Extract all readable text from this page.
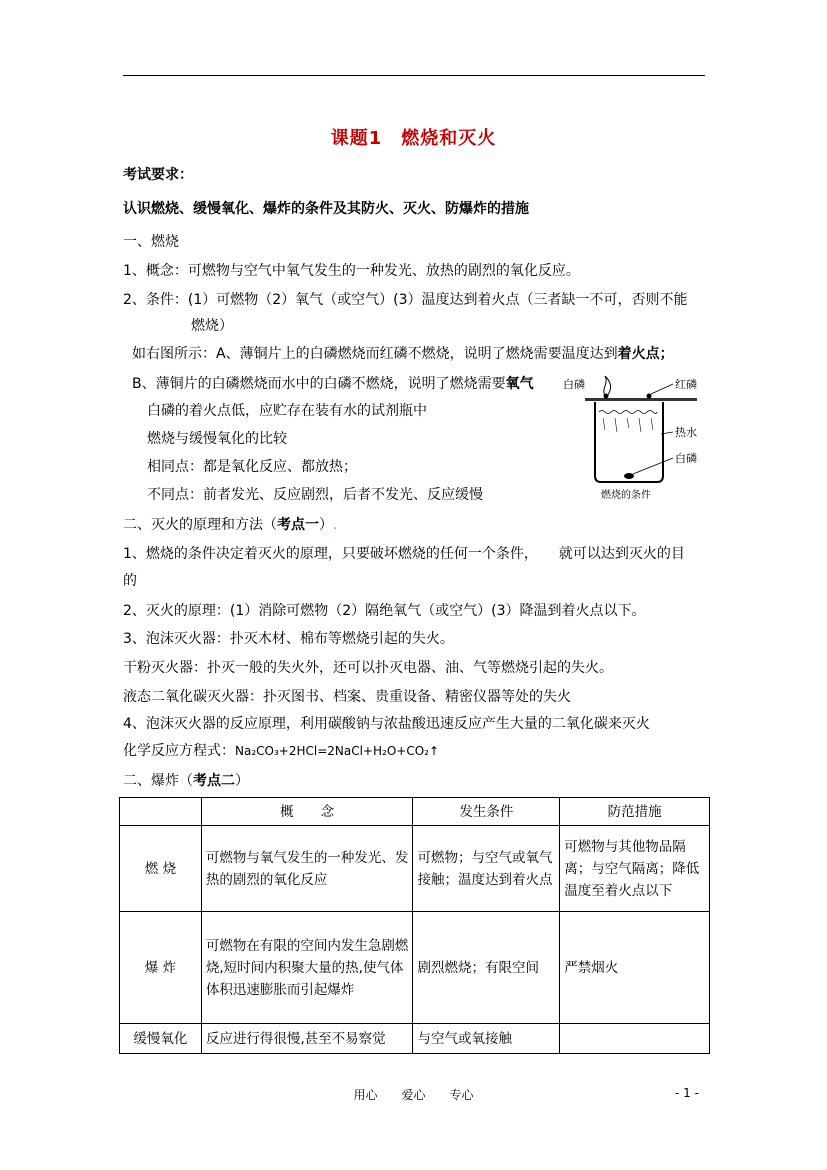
课题1　燃烧和灭火
考试要求：
认识燃烧、缓慢氧化、爆炸的条件及其防火、灭火、防爆炸的措施
一、燃烧
1、概念：可燃物与空气中氧气发生的一种发光、放热的剧烈的氧化反应。
2、条件：(1）可燃物（2）氧气（或空气）(3）温度达到着火点（三者缺一不可，否则不能
燃烧）
如右图所示：A、薄铜片上的白磷燃烧而红磷不燃烧，说明了燃烧需要温度达到着火点；
B、薄铜片的白磷燃烧而水中的白磷不燃烧，说明了燃烧需要氧气
白磷的着火点低，应贮存在装有水的试剂瓶中
燃烧与缓慢氧化的比较
相同点：都是氧化反应、都放热；
不同点：前者发光、反应剧烈，后者不发光、反应缓慢
白磷	红磷
热水
白磷
燃烧的条件
二、灭火的原理和方法（考点一）.
1、燃烧的条件决定着灭火的原理，只要破坏燃烧的任何一个条件，　　就可以达到灭火的目
的
2、灭火的原理：(1）消除可燃物（2）隔绝氧气（或空气）(3）降温到着火点以下。
3、泡沫灭火器：扑灭木材、棉布等燃烧引起的失火。
干粉灭火器：扑灭一般的失火外，还可以扑灭电器、油、气等燃烧引起的失火。
液态二氧化碳灭火器：扑灭图书、档案、贵重设备、精密仪器等处的失火
4、泡沫灭火器的反应原理，利用碳酸钠与浓盐酸迅速反应产生大量的二氧化碳来灭火
化学反应方程式：Na₂CO₃+2HCl=2NaCl+H₂O+CO₂↑
二、爆炸（考点二）
	概　　念	发生条件	防范措施
燃 烧	可燃物与氧气发生的一种发光、发热的剧烈的氧化反应	可燃物；与空气或氧气接触；温度达到着火点	可燃物与其他物品隔离；与空气隔离；降低温度至着火点以下
爆 炸	可燃物在有限的空间内发生急剧燃烧,短时间内积聚大量的热,使气体体积迅速膨胀而引起爆炸	剧烈燃烧；有限空间	严禁烟火
缓慢氧化	反应进行得很慢,甚至不易察觉	与空气或氧接触	
用心　　爱心　　专心	- 1 -
